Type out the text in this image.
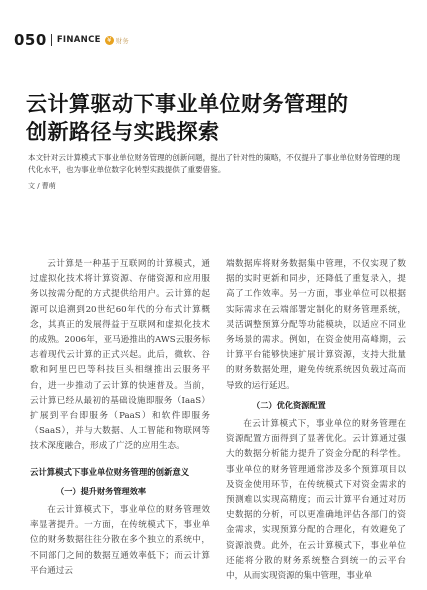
050 FINANCE ¥ 财务
云计算驱动下事业单位财务管理的
创新路径与实践探索
本文针对云计算模式下事业单位财务管理的创新问题，提出了针对性的策略，不仅提升了事业单位财务管理的现代化水平，也为事业单位数字化转型实践提供了重要借鉴。
文 / 曹萌

云计算是一种基于互联网的计算模式，通过虚拟化技术将计算资源、存储资源和应用服务以按需分配的方式提供给用户。云计算的起源可以追溯到20世纪60年代的分布式计算概念，其真正的发展得益于互联网和虚拟化技术的成熟。2006年，亚马逊推出的AWS云服务标志着现代云计算的正式兴起。此后，微软、谷歌和阿里巴巴等科技巨头相继推出云服务平台，进一步推动了云计算的快速普及。当前，云计算已经从最初的基础设施即服务（IaaS）扩展到平台即服务（PaaS）和软件即服务（SaaS），并与大数据、人工智能和物联网等技术深度融合，形成了广泛的应用生态。

云计算模式下事业单位财务管理的创新意义
（一）提升财务管理效率

在云计算模式下，事业单位的财务管理效率显著提升。一方面，在传统模式下，事业单位的财务数据往往分散在多个独立的系统中，不同部门之间的数据互通效率低下；而云计算平台通过云

端数据库将财务数据集中管理，不仅实现了数据的实时更新和同步，还降低了重复录入，提高了工作效率。另一方面，事业单位可以根据实际需求在云端部署定制化的财务管理系统，灵活调整预算分配等功能模块，以适应不同业务场景的需求。例如，在资金使用高峰期，云计算平台能够快速扩展计算资源，支持大批量的财务数据处理，避免传统系统因负载过高而导致的运行延迟。

（二）优化资源配置

在云计算模式下，事业单位的财务管理在资源配置方面得到了显著优化。云计算通过强大的数据分析能力提升了资金分配的科学性。事业单位的财务管理通常涉及多个预算项目以及资金使用环节，在传统模式下对资金需求的预测难以实现高精度；而云计算平台通过对历史数据的分析，可以更准确地评估各部门的资金需求，实现预算分配的合理化，有效避免了资源浪费。此外，在云计算模式下，事业单位还能将分散的财务系统整合到统一的云平台中，从而实现资源的集中管理，事业单
